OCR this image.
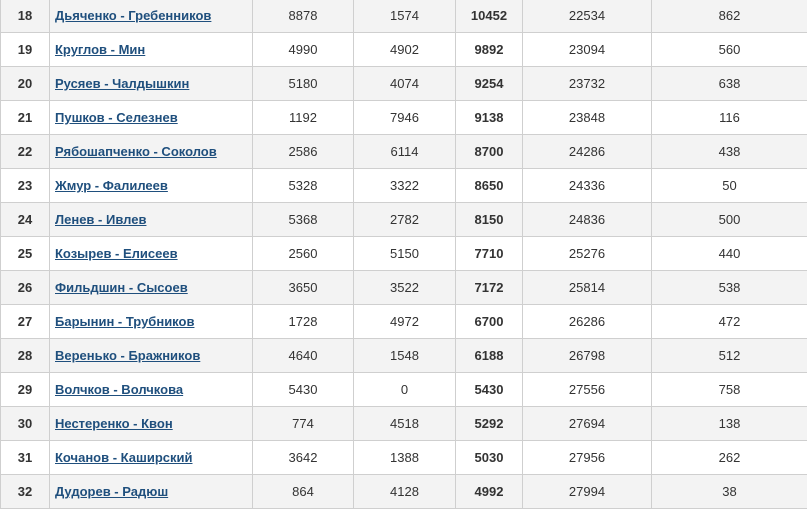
18	Дьяченко - Гребенников	8878	1574	10452	22534	862
19	Круглов - Мин	4990	4902	9892	23094	560
20	Русяев - Чалдышкин	5180	4074	9254	23732	638
21	Пушков - Селезнев	1192	7946	9138	23848	116
22	Рябошапченко - Соколов	2586	6114	8700	24286	438
23	Жмур - Фалилеев	5328	3322	8650	24336	50
24	Ленев - Ивлев	5368	2782	8150	24836	500
25	Козырев - Елисеев	2560	5150	7710	25276	440
26	Фильдшин - Сысоев	3650	3522	7172	25814	538
27	Барынин - Трубников	1728	4972	6700	26286	472
28	Веренько - Бражников	4640	1548	6188	26798	512
29	Волчков - Волчкова	5430	0	5430	27556	758
30	Нестеренко - Квон	774	4518	5292	27694	138
31	Кочанов - Каширский	3642	1388	5030	27956	262
32	Дудорев - Радюш	864	4128	4992	27994	38
